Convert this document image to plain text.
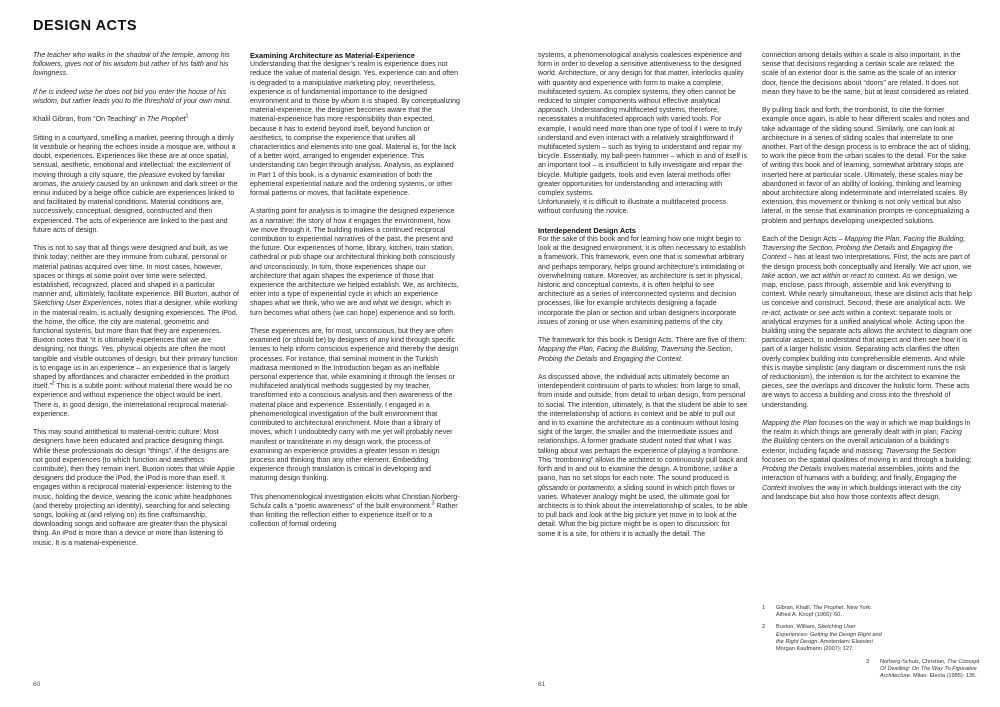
DESIGN ACTS

The teacher who walks in the shadow of the temple, among his followers, gives not of his wisdom but rather of his faith and his lovingness.

If he is indeed wise he does not bid you enter the house of his wisdom, but rather leads you to the threshold of your own mind.

Khalil Gibran, from “On Teaching” in The Prophet$^1$

Sitting in a courtyard, smelling a market, peering through a dimly lit vestibule or hearing the echoes inside a mosque are, without a doubt, experiences. Experiences like these are at once spatial, sensual, aesthetic, emotional and intellectual: the excitement of moving through a city square, the pleasure evoked by familiar aromas, the anxiety caused by an unknown and dark street or the ennui induced by a beige office cubicle are experiences linked to and facilitated by material conditions. Material conditions are, successively, conceptual, designed, constructed and then experienced. The acts of experience are linked to the past and future acts of design.

This is not to say that all things were designed and built, as we think today; neither are they immune from cultural, personal or material patinas acquired over time. In most cases, however, spaces or things at some point over time were selected, established, recognized, placed and shaped in a particular manner and, ultimately, facilitate experience. Bill Buxton, author of Sketching User Experiences, notes that a designer, while working in the material realm, is actually designing experiences. The iPod, the home, the office, the city are material, geometric and functional systems, but more than that they are experiences. Buxton notes that “it is ultimately experiences that we are designing, not things. Yes, physical objects are often the most tangible and visible outcomes of design, but their primary function is to engage us in an experience – an experience that is largely shaped by affordances and character embedded in the product itself.”$^2$ This is a subtle point: without material there would be no experience and without experience the object would be inert. There is, in good design, the interrelational reciprocal material-experience.

This may sound antithetical to material-centric culture: Most designers have been educated and practice designing things. While these professionals do design “things”, if the designs are not good experiences (to which function and aesthetics contribute), then they remain inert. Buxton notes that while Apple designers did produce the iPod, the iPod is more than itself. It engages within a reciprocal material-experience: listening to the music, holding the device, wearing the iconic white headphones (and thereby projecting an identity), searching for and selecting songs, looking at (and relying on) its fine craftsmanship, downloading songs and software are greater than the physical thing. An iPod is more than a device or more than listening to music. It is a material-experience.

Examining Architecture as Material-Experience

Understanding that the designer’s realm is experience does not reduce the value of material design. Yes, experience can and often is degraded to a manipulative marketing ploy; nevertheless, experience is of fundamental importance to the designed environment and to those by whom it is shaped. By conceptualizing material-experience, the designer becomes aware that the material-experience has more responsibility than expected, because it has to extend beyond itself, beyond function or aesthetics, to comprise the experience that unifies all characteristics and elements into one goal. Material is, for the lack of a better word, arranged to engender experience. This understanding can begin through analysis. Analysis, as explained in Part 1 of this book, is a dynamic examination of both the ephemeral experiential nature and the ordering systems, or other formal patterns or moves, that facilitate experience.

A starting point for analysis is to imagine the designed experience as a narrative: the story of how it engages the environment, how we move through it. The building makes a continued reciprocal contribution to experiential narratives of the past, the present and the future. Our experiences of home, library, kitchen, train station, cathedral or pub shape our architectural thinking both consciously and unconsciously. In turn, those experiences shape our architecture that again shapes the experience of those that experience the architecture we helped establish. We, as architects, enter into a type of experiential cycle in which an experience shapes what we think, who we are and what we design, which in turn becomes what others (we can hope) experience and so forth.

These experiences are, for most, unconscious, but they are often examined (or should be) by designers of any kind through specific lenses to help inform conscious experience and thereby the design processes. For instance, that seminal moment in the Turkish madrasa mentioned in the Introduction began as an ineffable personal experience that, while examining it through the lenses or multifaceted analytical methods suggested by my teacher, transformed into a conscious analysis and then awareness of the material place and experience. Essentially, I engaged in a phenomenological investigation of the built environment that contributed to architectural enrichment. More than a library of moves, which I undoubtedly carry with me yet will probably never manifest or transliterate in my design work, the process of examining an experience provides a greater lesson in design process and thinking than any other element. Embedding experience through translation is critical in developing and maturing design thinking.

This phenomenological investigation elicits what Christian Norberg-Schulz calls a “poetic awareness” of the built environment.$^3$ Rather than limiting the reflection either to experience itself or to a collection of formal ordering

systems, a phenomenological analysis coalesces experience and form in order to develop a sensitive attentiveness to the designed world. Architecture, or any design for that matter, interlocks quality with quantity and experience with form to make a complete, multifaceted system. As complex systems, they often cannot be reduced to simpler components without effective analytical approach. Understanding multifaceted systems, therefore, necessitates a multifaceted approach with varied tools. For example, I would need more than one type of tool if I were to truly understand and even interact with a relatively straightforward if multifaceted system – such as trying to understand and repair my bicycle. Essentially, my ball-peen hammer – which in and of itself is an important tool – is insufficient to fully investigate and repair the bicycle. Multiple gadgets, tools and even lateral methods offer greater opportunities for understanding and interacting with complex systems.
Unfortunately, it is difficult to illustrate a multifaceted process without confusing the novice.

Interdependent Design Acts

For the sake of this book and for learning how one might begin to look at the designed environment, it is often necessary to establish a framework. This framework, even one that is somewhat arbitrary and perhaps temporary, helps ground architecture’s intimidating or overwhelming nature. Moreover, as architecture is set in physical, historic and conceptual contexts, it is often helpful to see architecture as a series of interconnected systems and decision processes, like for example architects designing a façade incorporate the plan or section and urban designers incorporate issues of zoning or use when examining patterns of the city.

The framework for this book is Design Acts. There are five of them: Mapping the Plan, Facing the Building, Traversing the Section, Probing the Details and Engaging the Context.

As discussed above, the individual acts ultimately become an interdependent continuum of parts to wholes: from large to small, from inside and outside, from detail to urban design, from personal to social. The intention, ultimately, is that the student be able to see the interrelationship of actions in context and be able to pull out and in to examine the architecture as a continuum without losing sight of the larger, the smaller and the intermediate issues and relationships. A former graduate student noted that what I was talking about was perhaps the experience of playing a trombone. This “tromboning” allows the architect to continuously pull back and forth and in and out to examine the design. A trombone, unlike a piano, has no set stops for each note. The sound produced is glissando or portamento, a sliding sound in which pitch flows or varies. Whatever analogy might be used, the ultimate goal for architects is to think about the interrelationship of scales, to be able to pull back and look at the big picture yet move in to look at the detail. What the big picture might be is open to discussion: for some it is a site, for others it is actually the detail. The

connection among details within a scale is also important, in the sense that decisions regarding a certain scale are related: the scale of an exterior door is the same as the scale of an interior door, hence the decisions about “doors” are related. It does not mean they have to be the same, but at least considered as related.

By pulling back and forth, the trombonist, to cite the former example once again, is able to hear different scales and notes and take advantage of the sliding sound. Similarly, one can look at architecture in a series of sliding scales that interrelate to one another. Part of the design process is to embrace the act of sliding, to work the piece from the urban scales to the detail. For the sake of writing this book and of learning, somewhat arbitrary stops are inserted here at particular scale. Ultimately, these scales may be abandoned in favor of an ability of looking, thinking and learning about architecture along indeterminate and interrelated scales. By extension, this movement or thinking is not only vertical but also lateral, in the sense that examination prompts re-conceptualizing a problem and perhaps developing unexpected solutions.

Each of the Design Acts – Mapping the Plan, Facing the Building, Traversing the Section, Probing the Details and Engaging the Context – has at least two interpretations. First, the acts are part of the design process both conceptually and literally. We act upon, we take action, we act within or react to context. As we design, we map, enclose, pass through, assemble and link everything to context. While nearly simultaneous, these are distinct acts that help us conceive and construct. Second, these are analytical acts. We re-act, activate or see acts within a context: separate tools or analytical enzymes for a unified analytical whole. Acting upon the building using the separate acts allows the architect to diagram one particular aspect, to understand that aspect and then see how it is part of a larger holistic vision. Separating acts clarifies the often overly complex building into comprehensible elements. And while this is maybe simplistic (any diagram or discernment runs the risk of reductionism), the intention is for the architect to examine the pieces, see the overlaps and discover the holistic form. These acts are ways to access a building and cross into the threshold of understanding.

Mapping the Plan focuses on the way in which we map buildings in the realm in which things are generally dealt with in plan; Facing the Building centers on the overall articulation of a building’s exterior, including façade and massing; Traversing the Section focuses on the spatial qualities of moving in and through a building; Probing the Details involves material assemblies, joints and the interaction of humans with a building; and finally, Engaging the Context involves the way in which buildings interact with the city and landscape but also how those contexts affect design.

1 Gibran, Khalil, The Prophet. New York: Alfred A. Knopf (1966): 60.
2 Buxton, William, Sketching User Experiences: Getting the Design Right and the Right Design. Amsterdam: Elsevier/ Morgan Kaufmann (2007): 127.
3 Norberg-Schulz, Christian, The Concept Of Dwelling: On The Way To Figurative Architecture. Milan: Electa (1985): 135.
60	61
